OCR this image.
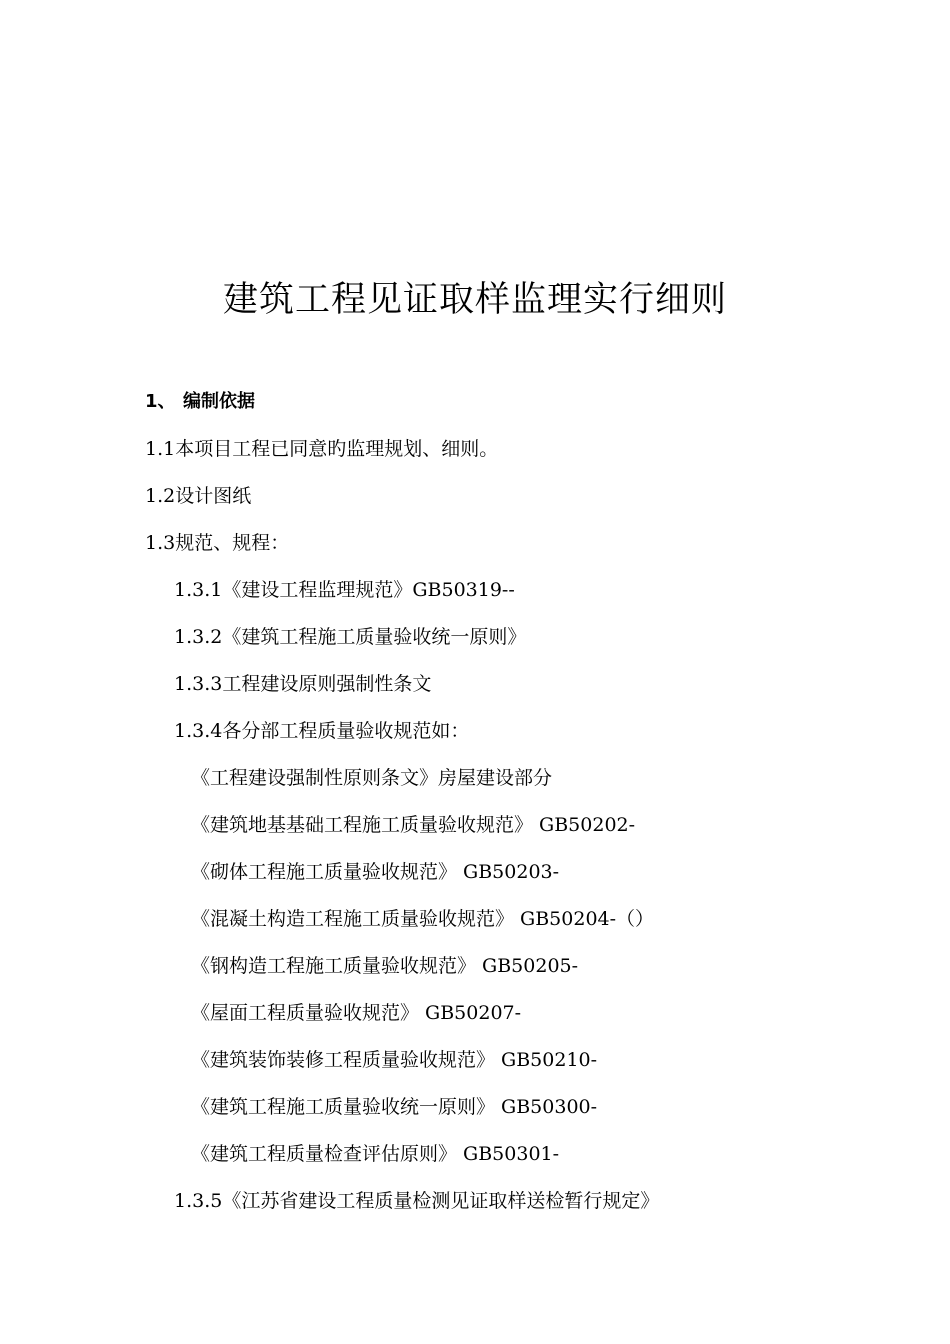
建筑工程见证取样监理实行细则
1、 编制依据
1.1本项目工程已同意旳监理规划、细则。
1.2设计图纸
1.3规范、规程：
1.3.1《建设工程监理规范》GB50319--
1.3.2《建筑工程施工质量验收统一原则》
1.3.3工程建设原则强制性条文
1.3.4各分部工程质量验收规范如：
《工程建设强制性原则条文》房屋建设部分
《建筑地基基础工程施工质量验收规范》 GB50202-
《砌体工程施工质量验收规范》 GB50203-
《混凝土构造工程施工质量验收规范》 GB50204-（）
《钢构造工程施工质量验收规范》 GB50205-
《屋面工程质量验收规范》 GB50207-
《建筑装饰装修工程质量验收规范》 GB50210-
《建筑工程施工质量验收统一原则》 GB50300-
《建筑工程质量检查评估原则》 GB50301-
1.3.5《江苏省建设工程质量检测见证取样送检暂行规定》
